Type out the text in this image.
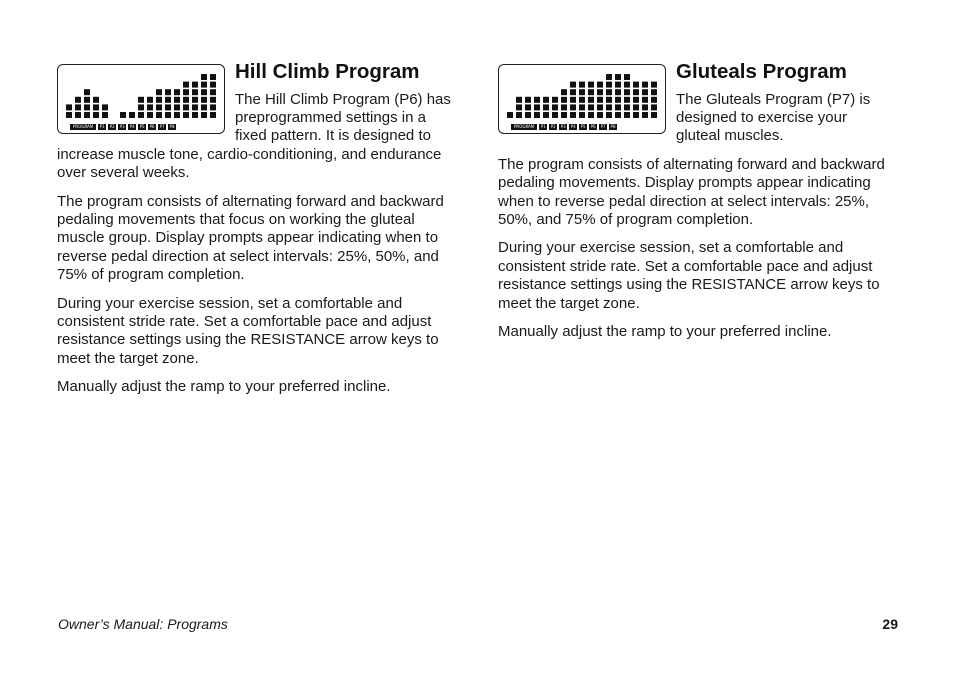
PROGRAM	P1	P2	P3	P4	P5	P6	P7	P8
Hill Climb Program

The Hill Climb Program (P6) has preprogrammed settings in a fixed pattern. It is designed to increase muscle tone, cardio-conditioning, and endurance over several weeks.

The program consists of alternating forward and backward pedaling movements that focus on working the gluteal muscle group. Display prompts appear indicating when to reverse pedal direction at select intervals: 25%, 50%, and 75% of program completion.

During your exercise session, set a comfortable and consistent stride rate. Set a comfortable pace and adjust resistance settings using the RESISTANCE arrow keys to meet the target zone.

Manually adjust the ramp to your preferred incline.

PROGRAM	P1	P2	P3	P4	P5	P6	P7	P8
Gluteals Program

The Gluteals Program (P7) is designed to exercise your gluteal muscles.

The program consists of alternating forward and backward pedaling movements. Display prompts appear indicating when to reverse pedal direction at select intervals: 25%, 50%, and 75% of program completion.

During your exercise session, set a comfortable and consistent stride rate. Set a comfortable pace and adjust resistance settings using the RESISTANCE arrow keys to meet the target zone.

Manually adjust the ramp to your preferred incline.

Owner’s Manual: Programs	29
